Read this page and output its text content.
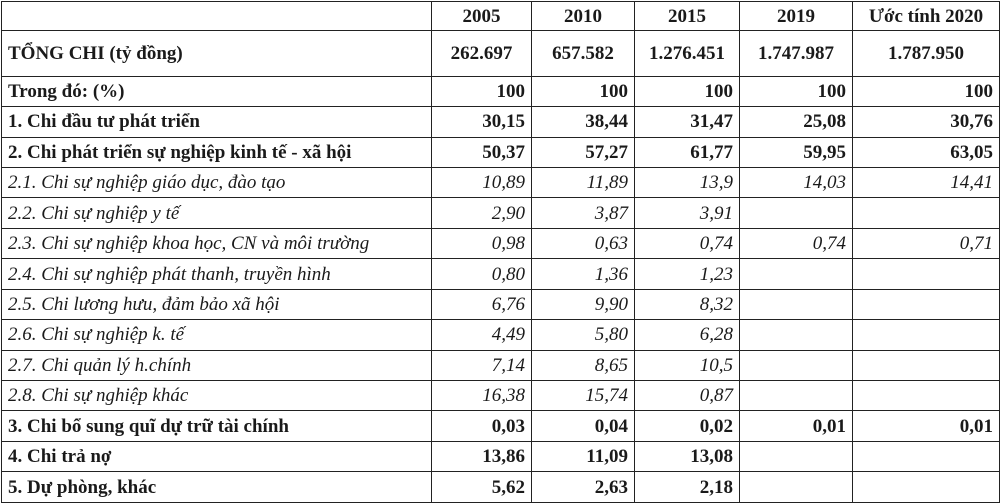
	2005	2010	2015	2019	Ước tính 2020
TỔNG CHI (tỷ đồng)	262.697	657.582	1.276.451	1.747.987	1.787.950
Trong đó: (%)	100	100	100	100	100
1. Chi đầu tư phát triển	30,15	38,44	31,47	25,08	30,76
2. Chi phát triển sự nghiệp kinh tế - xã hội	50,37	57,27	61,77	59,95	63,05
2.1. Chi sự nghiệp giáo dục, đào tạo	10,89	11,89	13,9	14,03	14,41
2.2. Chi sự nghiệp y tế	2,90	3,87	3,91		
2.3. Chi sự nghiệp khoa học, CN và môi trường	0,98	0,63	0,74	0,74	0,71
2.4. Chi sự nghiệp phát thanh, truyền hình	0,80	1,36	1,23		
2.5. Chi lương hưu, đảm bảo xã hội	6,76	9,90	8,32		
2.6. Chi sự nghiệp k. tế	4,49	5,80	6,28		
2.7. Chi quản lý h.chính	7,14	8,65	10,5		
2.8. Chi sự nghiệp khác	16,38	15,74	0,87		
3. Chi bổ sung quĩ dự trữ tài chính	0,03	0,04	0,02	0,01	0,01
4. Chi trả nợ	13,86	11,09	13,08		
5. Dự phòng, khác	5,62	2,63	2,18		
